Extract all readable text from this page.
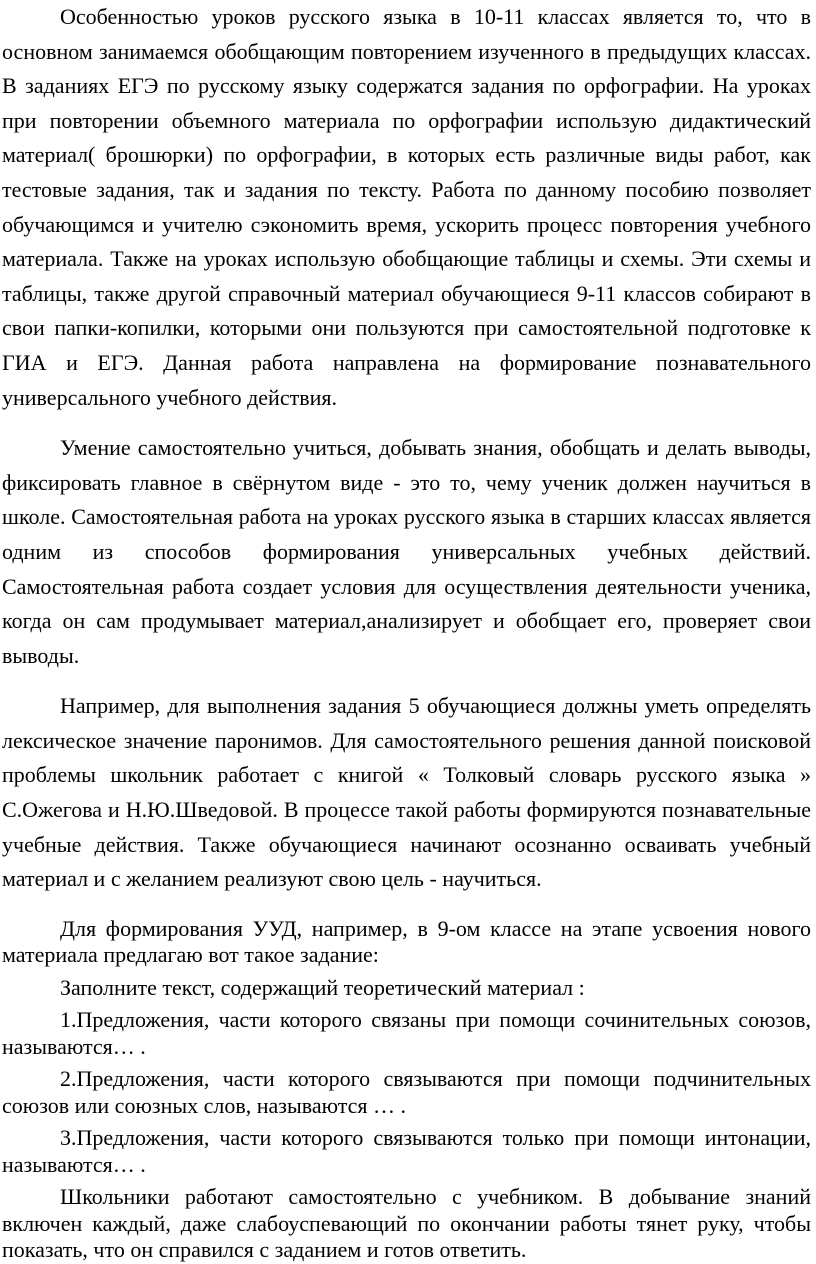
Особенностью уроков русского языка в 10-11 классах является то, что в основном занимаемся обобщающим повторением изученного в предыдущих классах. В заданиях ЕГЭ по русскому языку содержатся задания по орфографии. На уроках при повторении объемного материала по орфографии использую дидактический материал( брошюрки) по орфографии, в которых есть различные виды работ, как тестовые задания, так и задания по тексту. Работа по данному пособию позволяет обучающимся и учителю сэкономить время, ускорить процесс повторения учебного материала. Также на уроках использую обобщающие таблицы и схемы. Эти схемы и таблицы, также другой справочный материал обучающиеся 9-11 классов собирают в свои папки-копилки, которыми они пользуются при самостоятельной подготовке к ГИА и ЕГЭ. Данная работа направлена на формирование познавательного универсального учебного действия.

Умение самостоятельно учиться, добывать знания, обобщать и делать выводы, фиксировать главное в свёрнутом виде - это то, чему ученик должен научиться в школе. Самостоятельная работа на уроках русского языка в старших классах является одним из способов формирования универсальных учебных действий. Самостоятельная работа создает условия для осуществления деятельности ученика, когда он сам продумывает материал,анализирует и обобщает его, проверяет свои выводы.

Например, для выполнения задания 5 обучающиеся должны уметь определять лексическое значение паронимов. Для самостоятельного решения данной поисковой проблемы школьник работает с книгой « Толковый словарь русского языка » С.Ожегова и Н.Ю.Шведовой. В процессе такой работы формируются познавательные учебные действия. Также обучающиеся начинают осознанно осваивать учебный материал и с желанием реализуют свою цель - научиться.

Для формирования УУД, например, в 9-ом классе на этапе усвоения нового материала предлагаю вот такое задание:

Заполните текст, содержащий теоретический материал :

1.Предложения, части которого связаны при помощи сочинительных союзов, называются… .

2.Предложения, части которого связываются при помощи подчинительных союзов или союзных слов, называются … .

3.Предложения, части которого связываются только при помощи интонации, называются… .

Школьники работают самостоятельно с учебником. В добывание знаний включен каждый, даже слабоуспевающий по окончании работы тянет руку, чтобы показать, что он справился с заданием и готов ответить.
